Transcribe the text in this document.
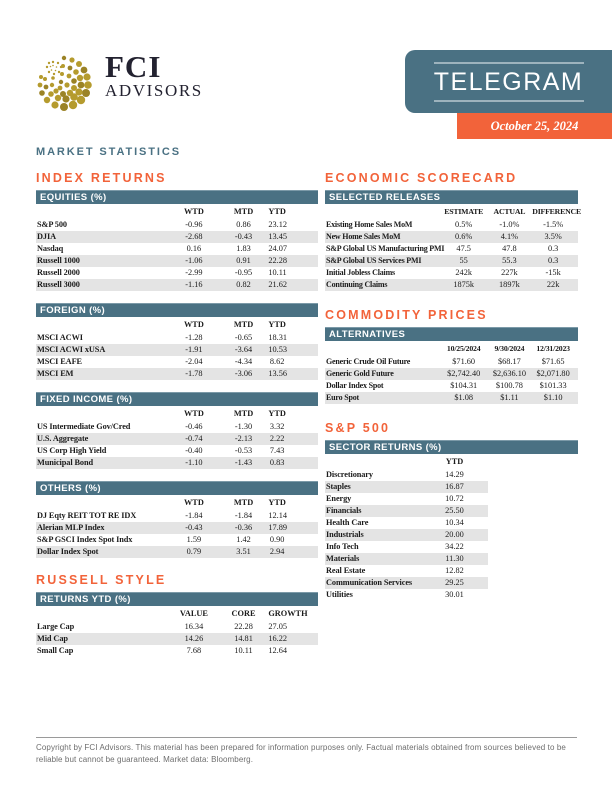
FCI
ADVISORS	TELEGRAM
October 25, 2024
MARKET STATISTICS
INDEX RETURNS
EQUITIES (%)
	WTD	MTD	YTD
S&P 500	-0.96	0.86	23.12
DJIA	-2.68	-0.43	13.45
Nasdaq	0.16	1.83	24.07
Russell 1000	-1.06	0.91	22.28
Russell 2000	-2.99	-0.95	10.11
Russell 3000	-1.16	0.82	21.62
FOREIGN (%)
	WTD	MTD	YTD
MSCI ACWI	-1.28	-0.65	18.31
MSCI ACWI xUSA	-1.91	-3.64	10.53
MSCI EAFE	-2.04	-4.34	8.62
MSCI EM	-1.78	-3.06	13.56
FIXED INCOME (%)
	WTD	MTD	YTD
US Intermediate Gov/Cred	-0.46	-1.30	3.32
U.S. Aggregate	-0.74	-2.13	2.22
US Corp High Yield	-0.40	-0.53	7.43
Municipal Bond	-1.10	-1.43	0.83
OTHERS (%)
	WTD	MTD	YTD
DJ Eqty REIT TOT RE IDX	-1.84	-1.84	12.14
Alerian MLP Index	-0.43	-0.36	17.89
S&P GSCI Index Spot Indx	1.59	1.42	0.90
Dollar Index Spot	0.79	3.51	2.94
RUSSELL STYLE
RETURNS YTD (%)
	VALUE	CORE	GROWTH
Large Cap	16.34	22.28	27.05
Mid Cap	14.26	14.81	16.22
Small Cap	7.68	10.11	12.64
ECONOMIC SCORECARD
SELECTED RELEASES
	ESTIMATE	ACTUAL	DIFFERENCE
Existing Home Sales MoM	0.5%	-1.0%	-1.5%
New Home Sales MoM	0.6%	4.1%	3.5%
S&P Global US Manufacturing PMI	47.5	47.8	0.3
S&P Global US Services PMI	55	55.3	0.3
Initial Jobless Claims	242k	227k	-15k
Continuing Claims	1875k	1897k	22k
COMMODITY PRICES
ALTERNATIVES
	10/25/2024	9/30/2024	12/31/2023
Generic Crude Oil Future	$71.60	$68.17	$71.65
Generic Gold Future	$2,742.40	$2,636.10	$2,071.80
Dollar Index Spot	$104.31	$100.78	$101.33
Euro Spot	$1.08	$1.11	$1.10
S&P 500
SECTOR RETURNS (%)
	YTD
Discretionary	14.29
Staples	16.87
Energy	10.72
Financials	25.50
Health Care	10.34
Industrials	20.00
Info Tech	34.22
Materials	11.30
Real Estate	12.82
Communication Services	29.25
Utilities	30.01

Copyright by FCI Advisors. This material has been prepared for information purposes only. Factual materials obtained from sources believed to be reliable but cannot be guaranteed. Market data: Bloomberg.
